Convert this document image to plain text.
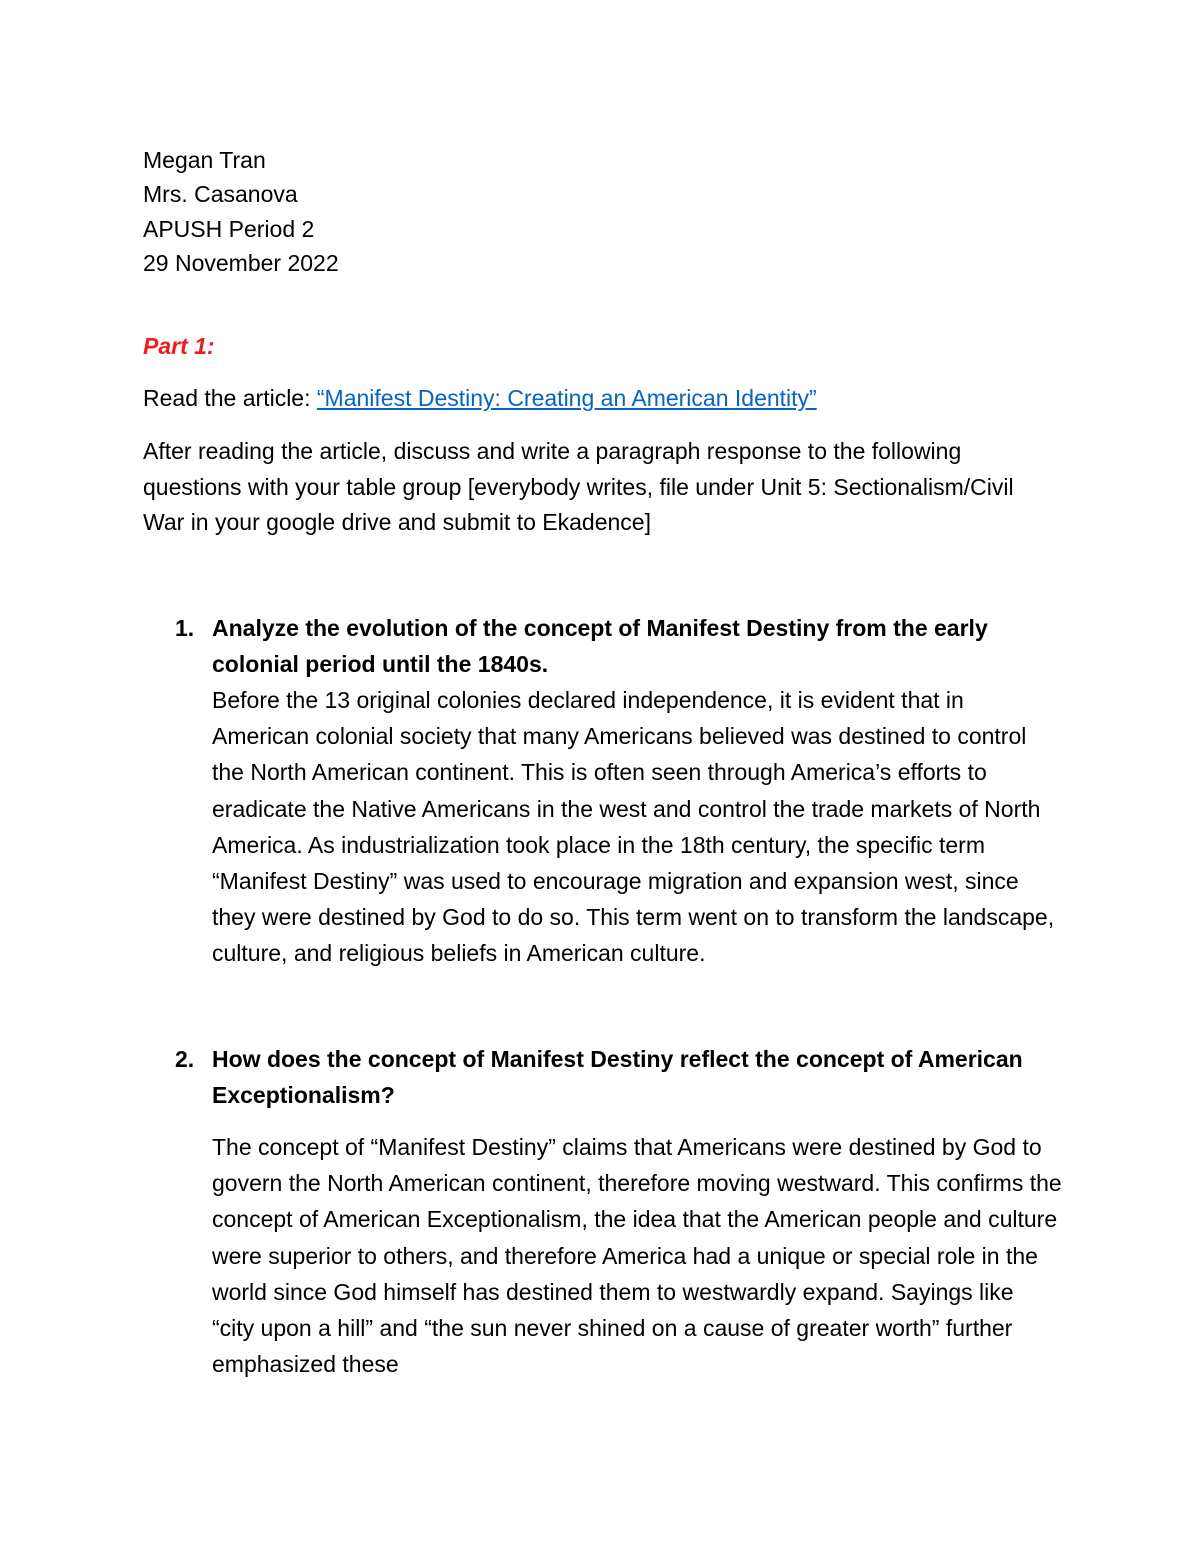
Megan Tran
Mrs. Casanova
APUSH Period 2
29 November 2022
Part 1:
Read the article: “Manifest Destiny: Creating an American Identity”
After reading the article, discuss and write a paragraph response to the following questions with your table group [everybody writes, file under Unit 5: Sectionalism/Civil War in your google drive and submit to Ekadence]
1. Analyze the evolution of the concept of Manifest Destiny from the early colonial period until the 1840s.
Before the 13 original colonies declared independence, it is evident that in American colonial society that many Americans believed was destined to control the North American continent. This is often seen through America’s efforts to eradicate the Native Americans in the west and control the trade markets of North America. As industrialization took place in the 18th century, the specific term “Manifest Destiny” was used to encourage migration and expansion west, since they were destined by God to do so. This term went on to transform the landscape, culture, and religious beliefs in American culture.
2. How does the concept of Manifest Destiny reflect the concept of American Exceptionalism?
The concept of “Manifest Destiny” claims that Americans were destined by God to govern the North American continent, therefore moving westward. This confirms the concept of American Exceptionalism, the idea that the American people and culture were superior to others, and therefore America had a unique or special role in the world since God himself has destined them to westwardly expand. Sayings like “city upon a hill” and “the sun never shined on a cause of greater worth” further emphasized these
